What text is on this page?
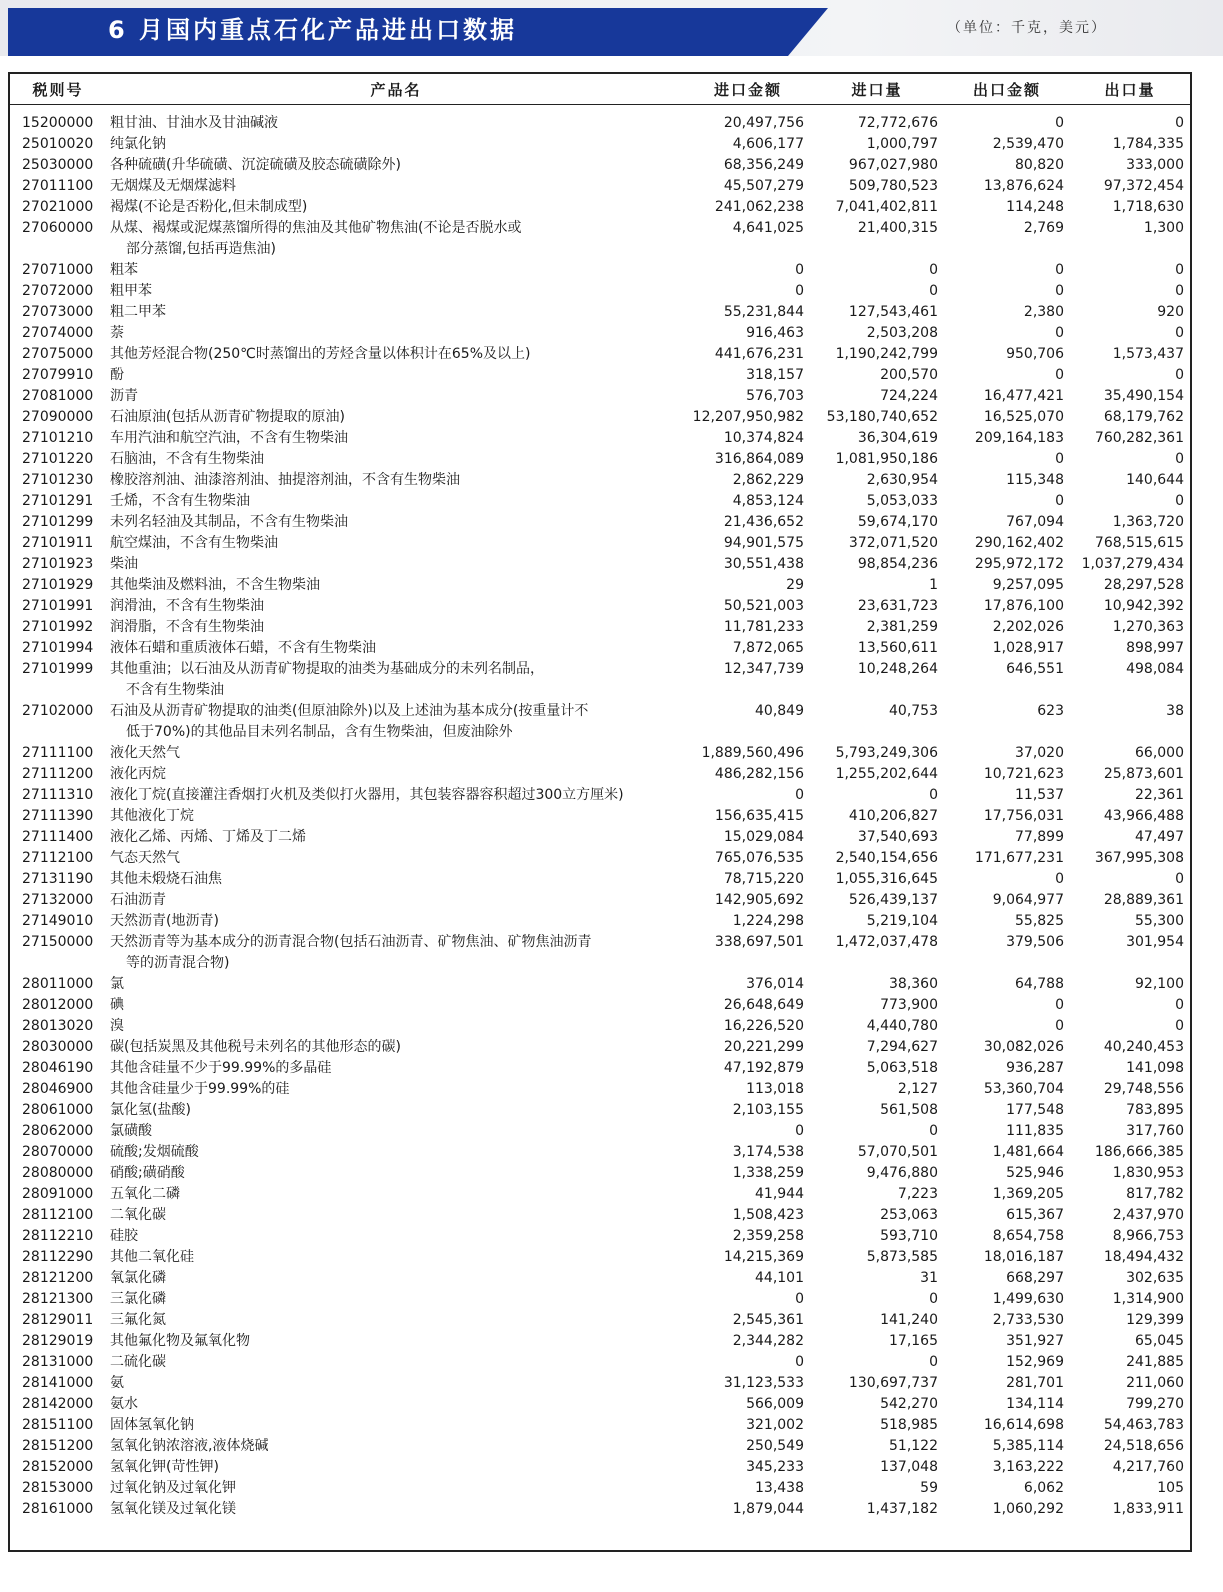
6 月国内重点石化产品进出口数据	（单位：千克，美元）
税则号	产品名	进口金额	进口量	出口金额	出口量

15200000	粗甘油、甘油水及甘油碱液	20,497,756	72,772,676	0	0
25010020	纯氯化钠	4,606,177	1,000,797	2,539,470	1,784,335
25030000	各种硫磺(升华硫磺、沉淀硫磺及胶态硫磺除外)	68,356,249	967,027,980	80,820	333,000
27011100	无烟煤及无烟煤滤料	45,507,279	509,780,523	13,876,624	97,372,454
27021000	褐煤(不论是否粉化,但未制成型)	241,062,238	7,041,402,811	114,248	1,718,630
27060000	从煤、褐煤或泥煤蒸馏所得的焦油及其他矿物焦油(不论是否脱水或
部分蒸馏,包括再造焦油)	4,641,025	21,400,315	2,769	1,300
27071000	粗苯	0	0	0	0
27072000	粗甲苯	0	0	0	0
27073000	粗二甲苯	55,231,844	127,543,461	2,380	920
27074000	萘	916,463	2,503,208	0	0
27075000	其他芳烃混合物(250℃时蒸馏出的芳烃含量以体积计在65%及以上)	441,676,231	1,190,242,799	950,706	1,573,437
27079910	酚	318,157	200,570	0	0
27081000	沥青	576,703	724,224	16,477,421	35,490,154
27090000	石油原油(包括从沥青矿物提取的原油)	12,207,950,982	53,180,740,652	16,525,070	68,179,762
27101210	车用汽油和航空汽油，不含有生物柴油	10,374,824	36,304,619	209,164,183	760,282,361
27101220	石脑油，不含有生物柴油	316,864,089	1,081,950,186	0	0
27101230	橡胶溶剂油、油漆溶剂油、抽提溶剂油，不含有生物柴油	2,862,229	2,630,954	115,348	140,644
27101291	壬烯，不含有生物柴油	4,853,124	5,053,033	0	0
27101299	未列名轻油及其制品，不含有生物柴油	21,436,652	59,674,170	767,094	1,363,720
27101911	航空煤油，不含有生物柴油	94,901,575	372,071,520	290,162,402	768,515,615
27101923	柴油	30,551,438	98,854,236	295,972,172	1,037,279,434
27101929	其他柴油及燃料油，不含生物柴油	29	1	9,257,095	28,297,528
27101991	润滑油，不含有生物柴油	50,521,003	23,631,723	17,876,100	10,942,392
27101992	润滑脂，不含有生物柴油	11,781,233	2,381,259	2,202,026	1,270,363
27101994	液体石蜡和重质液体石蜡，不含有生物柴油	7,872,065	13,560,611	1,028,917	898,997
27101999	其他重油；以石油及从沥青矿物提取的油类为基础成分的未列名制品，
不含有生物柴油	12,347,739	10,248,264	646,551	498,084
27102000	石油及从沥青矿物提取的油类(但原油除外)以及上述油为基本成分(按重量计不
低于70%)的其他品目未列名制品，含有生物柴油，但废油除外	40,849	40,753	623	38
27111100	液化天然气	1,889,560,496	5,793,249,306	37,020	66,000
27111200	液化丙烷	486,282,156	1,255,202,644	10,721,623	25,873,601
27111310	液化丁烷(直接灌注香烟打火机及类似打火器用，其包装容器容积超过300立方厘米)	0	0	11,537	22,361
27111390	其他液化丁烷	156,635,415	410,206,827	17,756,031	43,966,488
27111400	液化乙烯、丙烯、丁烯及丁二烯	15,029,084	37,540,693	77,899	47,497
27112100	气态天然气	765,076,535	2,540,154,656	171,677,231	367,995,308
27131190	其他未煅烧石油焦	78,715,220	1,055,316,645	0	0
27132000	石油沥青	142,905,692	526,439,137	9,064,977	28,889,361
27149010	天然沥青(地沥青)	1,224,298	5,219,104	55,825	55,300
27150000	天然沥青等为基本成分的沥青混合物(包括石油沥青、矿物焦油、矿物焦油沥青
等的沥青混合物)	338,697,501	1,472,037,478	379,506	301,954
28011000	氯	376,014	38,360	64,788	92,100
28012000	碘	26,648,649	773,900	0	0
28013020	溴	16,226,520	4,440,780	0	0
28030000	碳(包括炭黑及其他税号未列名的其他形态的碳)	20,221,299	7,294,627	30,082,026	40,240,453
28046190	其他含硅量不少于99.99%的多晶硅	47,192,879	5,063,518	936,287	141,098
28046900	其他含硅量少于99.99%的硅	113,018	2,127	53,360,704	29,748,556
28061000	氯化氢(盐酸)	2,103,155	561,508	177,548	783,895
28062000	氯磺酸	0	0	111,835	317,760
28070000	硫酸;发烟硫酸	3,174,538	57,070,501	1,481,664	186,666,385
28080000	硝酸;磺硝酸	1,338,259	9,476,880	525,946	1,830,953
28091000	五氧化二磷	41,944	7,223	1,369,205	817,782
28112100	二氧化碳	1,508,423	253,063	615,367	2,437,970
28112210	硅胶	2,359,258	593,710	8,654,758	8,966,753
28112290	其他二氧化硅	14,215,369	5,873,585	18,016,187	18,494,432
28121200	氧氯化磷	44,101	31	668,297	302,635
28121300	三氯化磷	0	0	1,499,630	1,314,900
28129011	三氟化氮	2,545,361	141,240	2,733,530	129,399
28129019	其他氟化物及氟氧化物	2,344,282	17,165	351,927	65,045
28131000	二硫化碳	0	0	152,969	241,885
28141000	氨	31,123,533	130,697,737	281,701	211,060
28142000	氨水	566,009	542,270	134,114	799,270
28151100	固体氢氧化钠	321,002	518,985	16,614,698	54,463,783
28151200	氢氧化钠浓溶液,液体烧碱	250,549	51,122	5,385,114	24,518,656
28152000	氢氧化钾(苛性钾)	345,233	137,048	3,163,222	4,217,760
28153000	过氧化钠及过氧化钾	13,438	59	6,062	105
28161000	氢氧化镁及过氧化镁	1,879,044	1,437,182	1,060,292	1,833,911
